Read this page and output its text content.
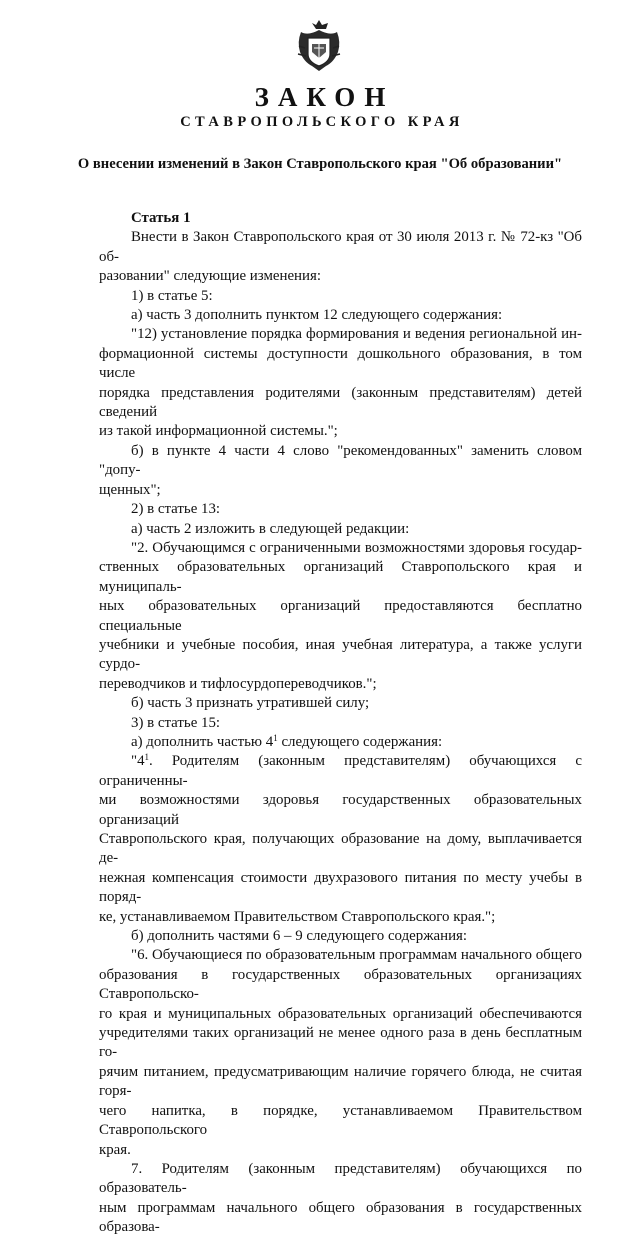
ЗАКОН
СТАВРОПОЛЬСКОГО КРАЯ
О внесении изменений в Закон Ставропольского края "Об образовании"

Статья 1

Внести в Закон Ставропольского края от 30 июля 2013 г. № 72-кз "Об об-

разовании" следующие изменения:

1) в статье 5:

а) часть 3 дополнить пунктом 12 следующего содержания:

"12) установление порядка формирования и ведения региональной ин-

формационной системы доступности дошкольного образования, в том числе

порядка представления родителями (законным представителям) детей сведений

из такой информационной системы.";

б) в пункте 4 части 4 слово "рекомендованных" заменить словом "допу-

щенных";

2) в статье 13:

а) часть 2 изложить в следующей редакции:

"2. Обучающимся с ограниченными возможностями здоровья государ-

ственных образовательных организаций Ставропольского края и муниципаль-

ных образовательных организаций предоставляются бесплатно специальные

учебники и учебные пособия, иная учебная литература, а также услуги сурдо-

переводчиков и тифлосурдопереводчиков.";

б) часть 3 признать утратившей силу;

3) в статье 15:

а) дополнить частью $4^1$ следующего содержания:

"$4^1$. Родителям (законным представителям) обучающихся с ограниченны-

ми возможностями здоровья государственных образовательных организаций

Ставропольского края, получающих образование на дому, выплачивается де-

нежная компенсация стоимости двухразового питания по месту учебы в поряд-

ке, устанавливаемом Правительством Ставропольского края.";

б) дополнить частями 6 – 9 следующего содержания:

"6. Обучающиеся по образовательным программам начального общего

образования в государственных образовательных организациях Ставропольско-

го края и муниципальных образовательных организаций обеспечиваются

учредителями таких организаций не менее одного раза в день бесплатным го-

рячим питанием, предусматривающим наличие горячего блюда, не считая горя-

чего напитка, в порядке, устанавливаемом Правительством Ставропольского

края.

7. Родителям (законным представителям) обучающихся по образователь-

ным программам начального общего образования в государственных образова-
